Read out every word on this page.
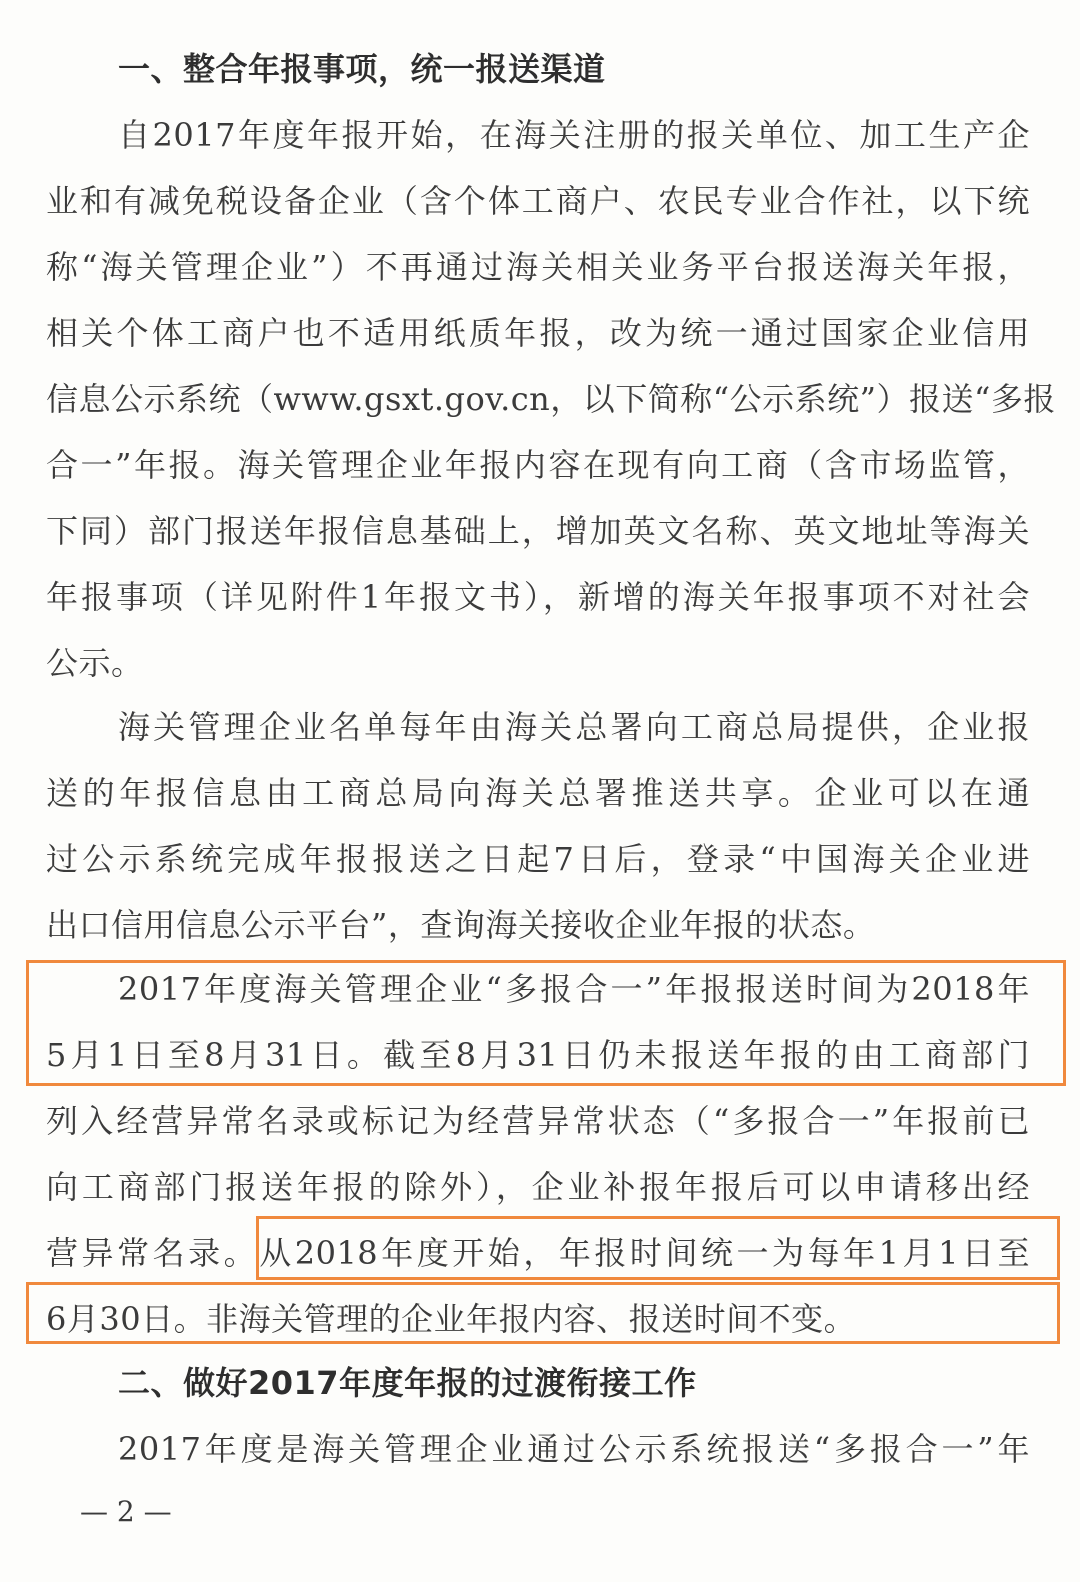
一、整合年报事项，统一报送渠道
自2017年度年报开始，在海关注册的报关单位、加工生产企
业和有减免税设备企业（含个体工商户、农民专业合作社，以下统
称“海关管理企业”）不再通过海关相关业务平台报送海关年报，
相关个体工商户也不适用纸质年报，改为统一通过国家企业信用
信息公示系统（www.gsxt.gov.cn，以下简称“公示系统”）报送“多报
合一”年报。海关管理企业年报内容在现有向工商（含市场监管，
下同）部门报送年报信息基础上，增加英文名称、英文地址等海关
年报事项（详见附件1年报文书），新增的海关年报事项不对社会
公示。
海关管理企业名单每年由海关总署向工商总局提供，企业报
送的年报信息由工商总局向海关总署推送共享。企业可以在通
过公示系统完成年报报送之日起7日后，登录“中国海关企业进
出口信用信息公示平台”，查询海关接收企业年报的状态。
2017年度海关管理企业“多报合一”年报报送时间为2018年
5月1日至8月31日。截至8月31日仍未报送年报的由工商部门
列入经营异常名录或标记为经营异常状态（“多报合一”年报前已
向工商部门报送年报的除外），企业补报年报后可以申请移出经
营异常名录。从2018年度开始，年报时间统一为每年1月1日至
6月30日。非海关管理的企业年报内容、报送时间不变。
二、做好2017年度年报的过渡衔接工作
2017年度是海关管理企业通过公示系统报送“多报合一”年
— 2 —
